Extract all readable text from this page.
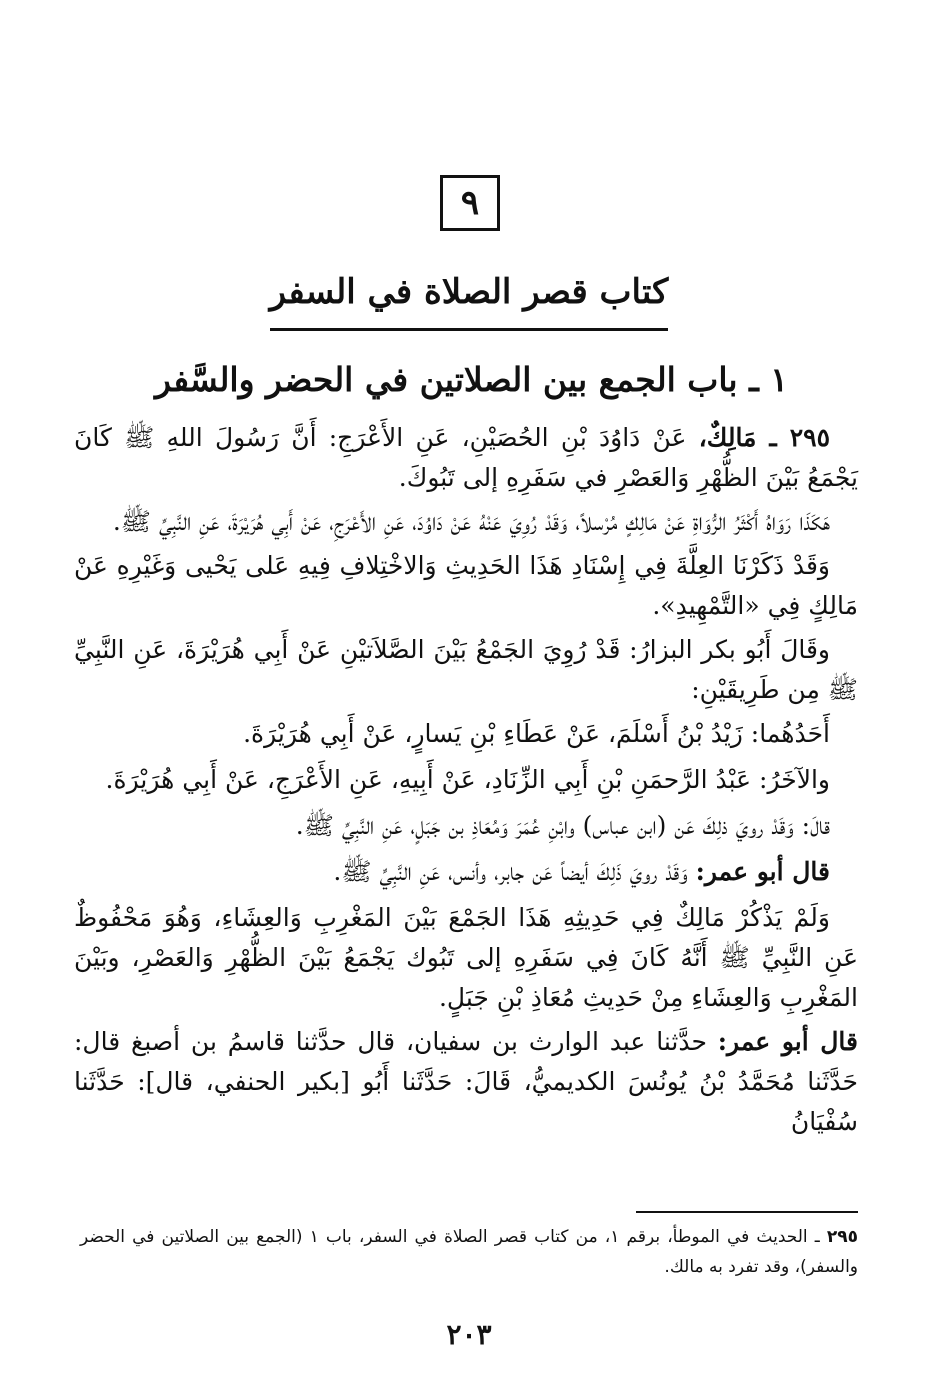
٩
كتاب قصر الصلاة في السفر
١ ـ باب الجمع بين الصلاتين في الحضر والسَّفر

٢٩٥ ـ مَالِكٌ، عَنْ دَاوُدَ بْنِ الحُصَيْنِ، عَنِ الأَعْرَجِ: أَنَّ رَسُولَ اللهِ ﷺ كَانَ يَجْمَعُ بَيْنَ الظُّهْرِ وَالعَصْرِ في سَفَرِهِ إلى تَبُوكَ.

هَكَذَا رَوَاهُ أَكْثَرُ الرُّوَاةِ عَنْ مَالِكٍ مُرْسلاً، وَقَدْ رُوِيَ عَنْهُ عَنْ دَاوُدَ، عَنِ الأَعْرَجِ، عَنْ أَبِي هُرَيْرَةَ، عَنِ النَّبِيِّ ﷺ.

وَقَدْ ذَكَرْنَا العِلَّةَ فِي إِسْنَادِ هَذَا الحَدِيثِ وَالاخْتِلافِ فِيهِ عَلى يَحْيى وَغَيْرِهِ عَنْ مَالِكٍ فِي «التَّمْهِيدِ».

وقَالَ أَبُو بكر البزارُ: قَدْ رُوِيَ الجَمْعُ بَيْنَ الصَّلاَتيْنِ عَنْ أَبِي هُرَيْرَةَ، عَنِ النَّبِيِّ ﷺ مِن طَرِيقَيْنِ:

أَحَدُهُما: زَيْدُ بْنُ أَسْلَمَ، عَنْ عَطَاءِ بْنِ يَسارٍ، عَنْ أَبِي هُرَيْرَةَ.

والآخَرُ: عَبْدُ الرَّحمَنِ بْنِ أَبِي الزِّنَادِ، عَنْ أَبِيهِ، عَنِ الأَعْرَجِ، عَنْ أَبِي هُرَيْرَةَ.

قالَ: وَقَدْ رويَ ذلِكَ عَن (ابن عباس) وابْنِ عُمَرَ وَمُعَاذِ بن جَبَلٍ، عَنِ النَّبِيِّ ﷺ.

قال أبو عمر: وَقَدْ رويَ ذَلِكَ أيضاً عَن جابر، وأنس، عَنِ النَّبِيِّ ﷺ.

وَلَمْ يَذْكُرْ مَالِكٌ فِي حَدِيثِهِ هَذَا الجَمْعَ بَيْنَ المَغْرِبِ وَالعِشَاءِ، وَهُوَ مَحْفُوظٌ عَنِ النَّبِيِّ ﷺ أَنَّهُ كَانَ فِي سَفَرِهِ إلى تَبُوك يَجْمَعُ بَيْنَ الظُّهْرِ وَالعَصْرِ، وبَيْنَ المَغْرِبِ وَالعِشَاءِ مِنْ حَدِيثِ مُعَاذِ بْنِ جَبَلٍ.

قال أبو عمر: حدَّثنا عبد الوارث بن سفيان، قال حدَّثنا قاسمُ بن أصبغ قال: حَدَّثَنا مُحَمَّدُ بْنُ يُونُسَ الكديميُّ، قَالَ: حَدَّثَنا أَبُو [بكير الحنفي، قال]: حَدَّثَنا سُفْيَانُ

٢٩٥ ـ الحديث في الموطأ، برقم ١، من كتاب قصر الصلاة في السفر، باب ١ (الجمع بين الصلاتين في الحضر والسفر)، وقد تفرد به مالك.
٢٠٣
